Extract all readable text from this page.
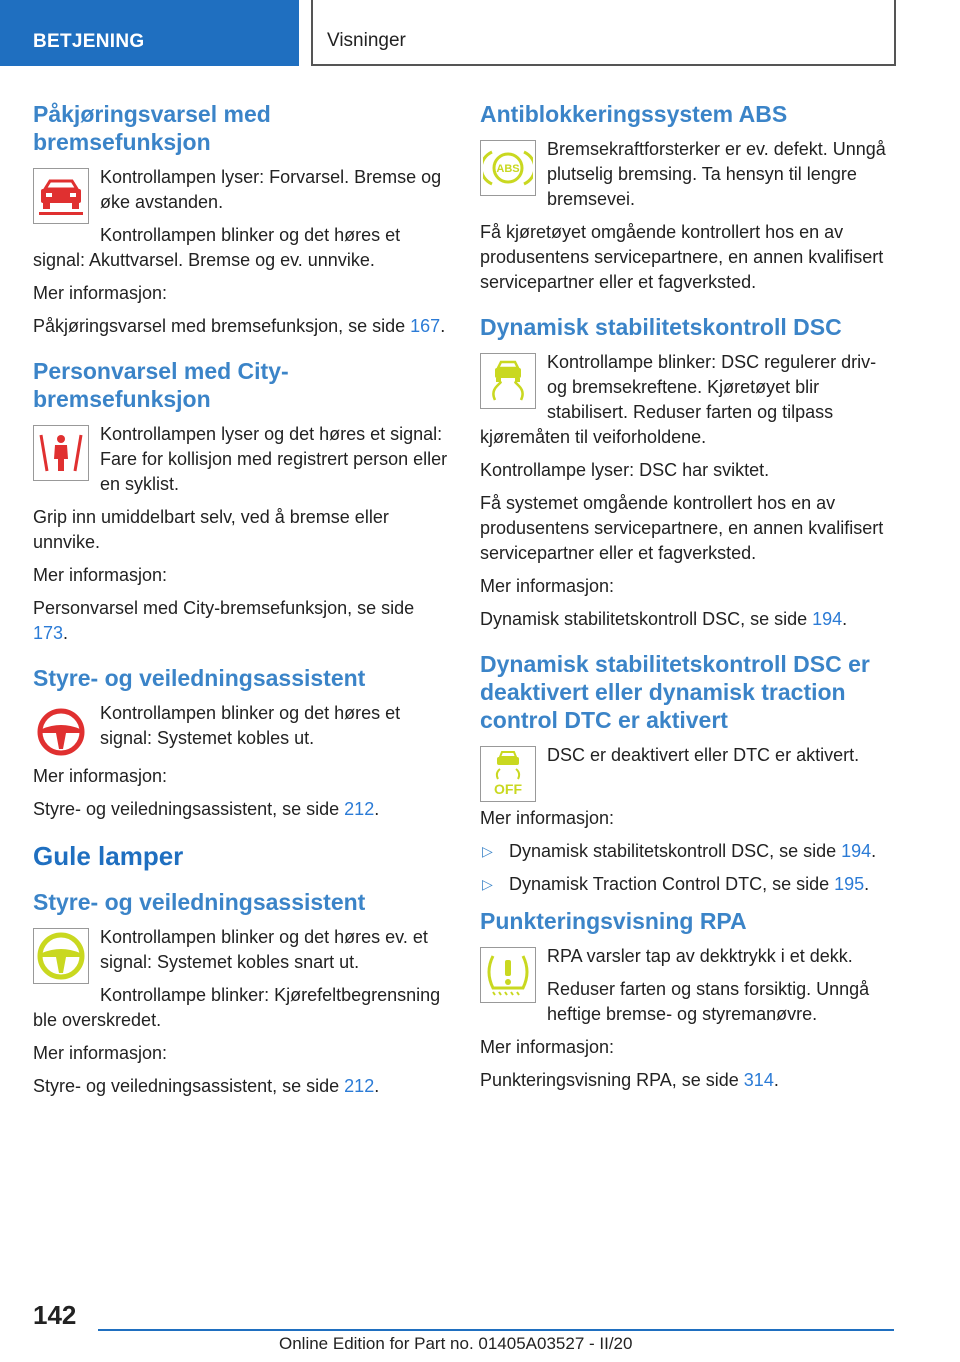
BETJENING	Visninger
Påkjøringsvarsel med bremsefunksjon

Kontrollampen lyser: Forvarsel. Bremse og øke avstanden.

Kontrollampen blinker og det høres et signal: Akuttvarsel. Bremse og ev. unnvike.

Mer informasjon:

Påkjøringsvarsel med bremsefunksjon, se side 167.

Personvarsel med City-bremsefunksjon

Kontrollampen lyser og det høres et signal: Fare for kollisjon med registrert person eller en syklist.

Grip inn umiddelbart selv, ved å bremse eller unnvike.

Mer informasjon:

Personvarsel med City-bremsefunksjon, se side 173.

Styre- og veiledningsassistent

Kontrollampen blinker og det høres et signal: Systemet kobles ut.

Mer informasjon:

Styre- og veiledningsassistent, se side 212.

Gule lamper
Styre- og veiledningsassistent

Kontrollampen blinker og det høres ev. et signal: Systemet kobles snart ut.

Kontrollampe blinker: Kjørefeltbegrensning ble overskredet.

Mer informasjon:

Styre- og veiledningsassistent, se side 212.

Antiblokkeringssystem ABS
ABS

Bremsekraftforsterker er ev. defekt. Unngå plutselig bremsing. Ta hensyn til lengre bremsevei.

Få kjøretøyet omgående kontrollert hos en av produsentens servicepartnere, en annen kvalifisert servicepartner eller et fagverksted.

Dynamisk stabilitetskontroll DSC

Kontrollampe blinker: DSC regulerer driv- og bremsekreftene. Kjøretøyet blir stabilisert. Reduser farten og tilpass kjøremåten til veiforholdene.

Kontrollampe lyser: DSC har sviktet.

Få systemet omgående kontrollert hos en av produsentens servicepartnere, en annen kvalifisert servicepartner eller et fagverksted.

Mer informasjon:

Dynamisk stabilitetskontroll DSC, se side 194.

Dynamisk stabilitetskontroll DSC er deaktivert eller dynamisk traction control DTC er aktivert
OFF

DSC er deaktivert eller DTC er aktivert.

Mer informasjon:

▷ Dynamisk stabilitetskontroll DSC, se side 194.
▷ Dynamisk Traction Control DTC, se side 195.
Punkteringsvisning RPA

RPA varsler tap av dekktrykk i et dekk.

Reduser farten og stans forsiktig. Unngå heftige bremse- og styremanøvre.

Mer informasjon:

Punkteringsvisning RPA, se side 314.

142
Online Edition for Part no. 01405A03527 - II/20
